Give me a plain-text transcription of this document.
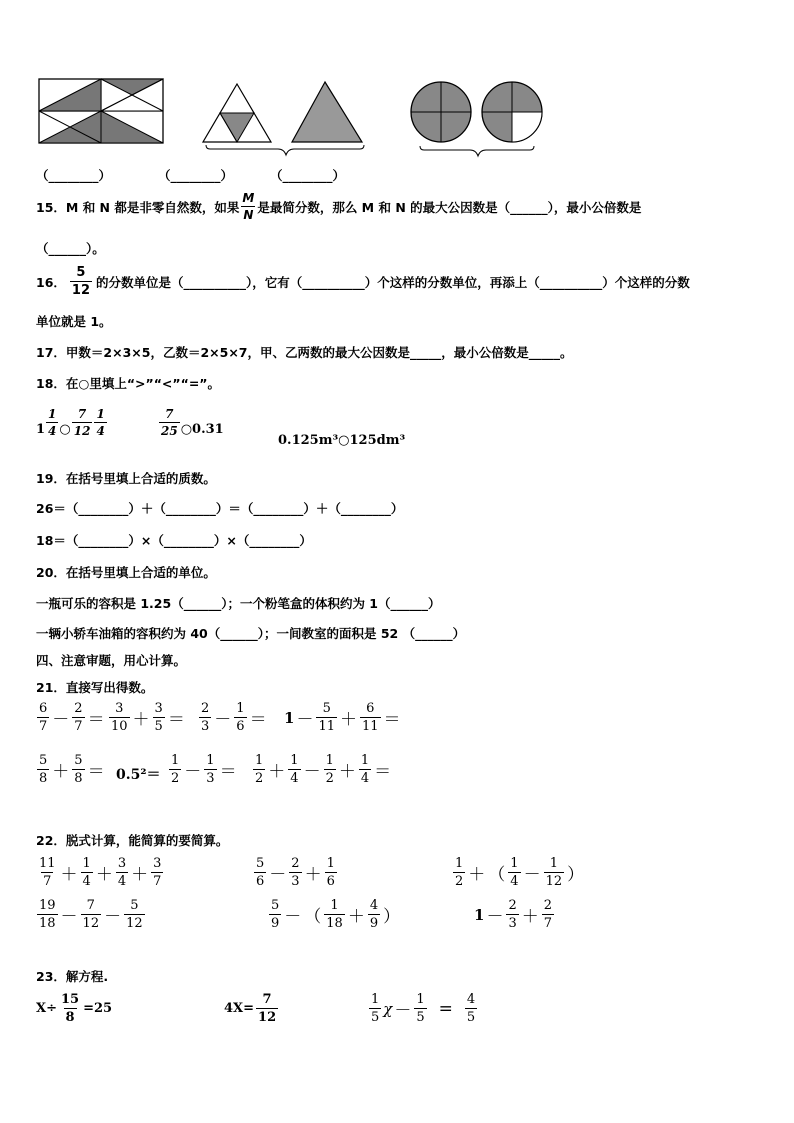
（________）	（________）	（________）
15． M 和 N 都是非零自然数，如果 $\frac{M}{N}$ 是最简分数，那么 M 和 N 的最大公因数是（______），最小公倍数是
（______）。
16． $\frac{5}{12}$ 的分数单位是（__________），它有（__________）个这样的分数单位，再添上（__________）个这样的分数
单位就是 1。
17．甲数＝2×3×5，乙数＝2×5×7，甲、乙两数的最大公因数是_____，最小公倍数是_____。
18．在○里填上“>”“<”“=”。
$1 \frac{1}{4}$ ○ $\frac{7}{12} \frac{1}{4}$	$\frac{7}{25}$ ○0.31
0.125m³○125dm³
19．在括号里填上合适的质数。
26＝（________）＋（________）＝（________）＋（________）
18＝（________）×（________）×（________）
20．在括号里填上合适的单位。
一瓶可乐的容积是 1.25（______）；一个粉笔盒的体积约为 1（______）
一辆小轿车油箱的容积约为 40（______）；一间教室的面积是 52 （______）
四、注意审题，用心计算。
21．直接写出得数。
$\frac{6}{7} - \frac{2}{7} = \frac{3}{10} + \frac{3}{5} = \frac{2}{3} - \frac{1}{6} = 1 - \frac{5}{11} + \frac{6}{11}$ ＝
$\frac{5}{8} + \frac{5}{8} = 0.5^2= \frac{1}{2} - \frac{1}{3} = \frac{1}{2} + \frac{1}{4} - \frac{1}{2} + \frac{1}{4}$ ＝
22．脱式计算，能简算的要简算。
$\frac{11}{7} + \frac{1}{4} + \frac{3}{4} + \frac{3}{7}$	$\frac{5}{6} - \frac{2}{3} + \frac{1}{6}$	$\frac{1}{2}$ ＋ （ $\frac{1}{4} - \frac{1}{12}$ ）
$\frac{19}{18} - \frac{7}{12} - \frac{5}{12}$	$\frac{5}{9}$ － （ $\frac{1}{18} + \frac{4}{9}$ ）	$1 - \frac{2}{3} + \frac{2}{7}$
23．解方程.
$X\div \frac{15}{8} =25$	$4X= \frac{7}{12}$	$\frac{1}{5}$ $\chi - \frac{1}{5} = \frac{4}{5}$
